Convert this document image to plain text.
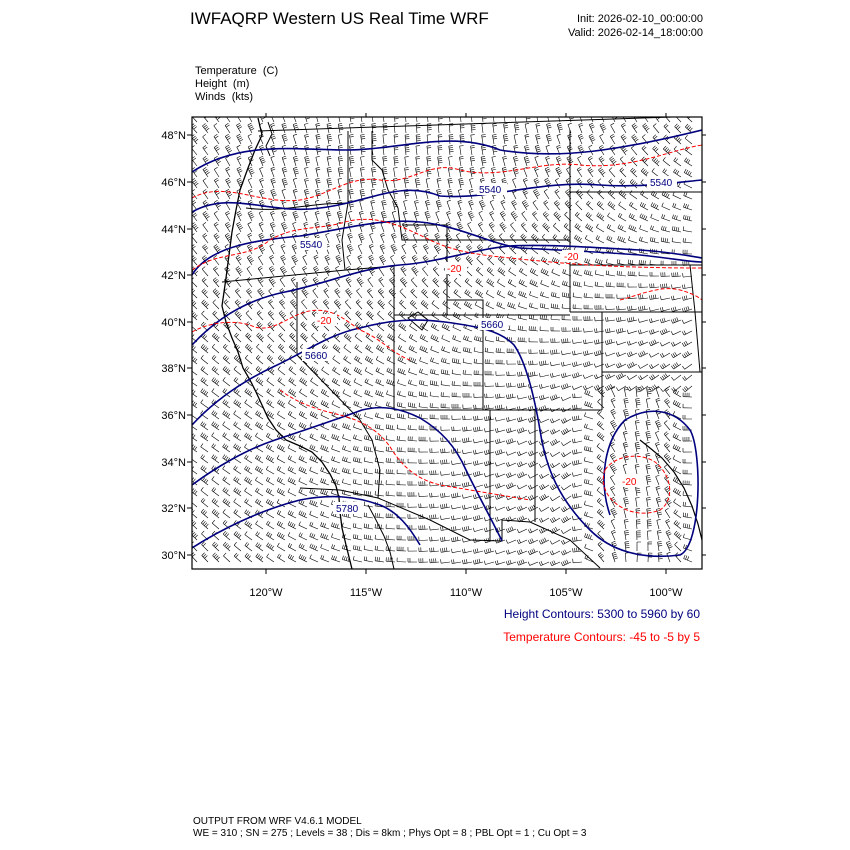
IWFAQRP Western US Real Time WRF	Init: 2026-02-10_00:00:00
Valid: 2026-02-14_18:00:00
Temperature (C)
Height (m)
Winds (kts)
5540
5540
5540
5660
5660
5780
-20
-20
-20
-20
48°N
46°N
44°N
42°N
40°N
38°N
36°N
34°N
32°N
30°N
120°W	115°W	110°W	105°W	100°W
Height Contours: 5300 to 5960 by 60
Temperature Contours: -45 to -5 by 5
OUTPUT FROM WRF V4.6.1 MODEL
WE = 310 ; SN = 275 ; Levels = 38 ; Dis = 8km ; Phys Opt = 8 ; PBL Opt = 1 ; Cu Opt = 3
